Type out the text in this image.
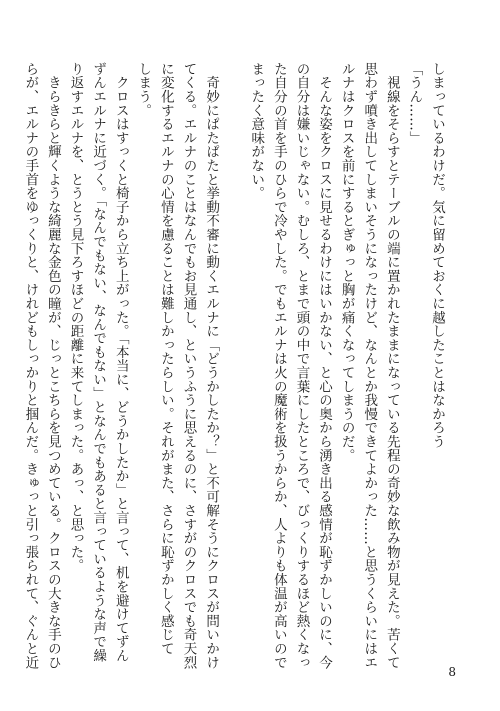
しまっているわけだ。気に留めておくに越したことはなかろう
「うん……」
　視線をそらすとテーブルの端に置かれたままになっている先程の奇妙な飲み物が見えた。苦くて
思わず噴き出してしまいそうになったけど、なんとか我慢できてよかった……と思うくらいにはエ
ルナはクロスを前にするとぎゅっと胸が痛くなってしまうのだ。
　そんな姿をクロスに見せるわけにはいかない、と心の奥から湧き出る感情が恥ずかしいのに、今
の自分は嫌いじゃない。むしろ、とまで頭の中で言葉にしたところで、びっくりするほど熱くなっ
た自分の首を手のひらで冷やした。でもエルナは火の魔術を扱うからか、人よりも体温が高いので
まったく意味がない。
　奇妙にぱたぱたと挙動不審に動くエルナに「どうかしたか？」と不可解そうにクロスが問いかけ
てくる。エルナのことはなんでもお見通し、というふうに思えるのに、さすがのクロスでも奇天烈
に変化するエルナの心情を慮ることは難しかったらしい。それがまた、さらに恥ずかしく感じて
しまう。
　クロスはすっくと椅子から立ち上がった。「本当に、どうかしたか」と言って、机を避けてずん
ずんエルナに近づく。「なんでもない、なんでもない」となんでもあると言っているような声で繰
り返すエルナを、とうとう見下ろすほどの距離に来てしまった。あっ、と思った。
　きらきらと輝くような綺麗な金色の瞳が、じっとこちらを見つめている。クロスの大きな手のひ
らが、エルナの手首をゆっくりと、けれどもしっかりと掴んだ。きゅっと引っ張られて、ぐんと近
8
